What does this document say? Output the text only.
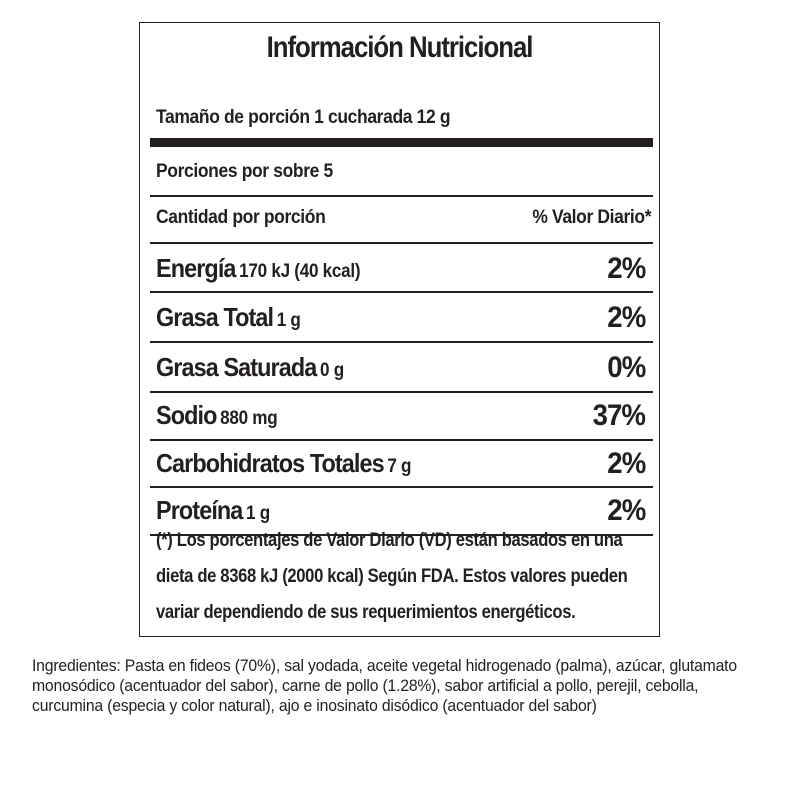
Información Nutricional
Tamaño de porción 1 cucharada 12 g
Porciones por sobre 5
Cantidad por porción	% Valor Diario*
Energía 170 kJ (40 kcal)	2%
Grasa Total 1 g	2%
Grasa Saturada 0 g	0%
Sodio 880 mg	37%
Carbohidratos Totales 7 g	2%
Proteína 1 g	2%
(*) Los porcentajes de Valor Diario (VD) están basados en una dieta de 8368 kJ (2000 kcal) Según FDA. Estos valores pueden variar dependiendo de sus requerimientos energéticos.
Ingredientes: Pasta en fideos (70%), sal yodada, aceite vegetal hidrogenado (palma), azúcar, glutamato monosódico (acentuador del sabor), carne de pollo (1.28%), sabor artificial a pollo, perejil, cebolla, curcumina (especia y color natural), ajo e inosinato disódico (acentuador del sabor)
